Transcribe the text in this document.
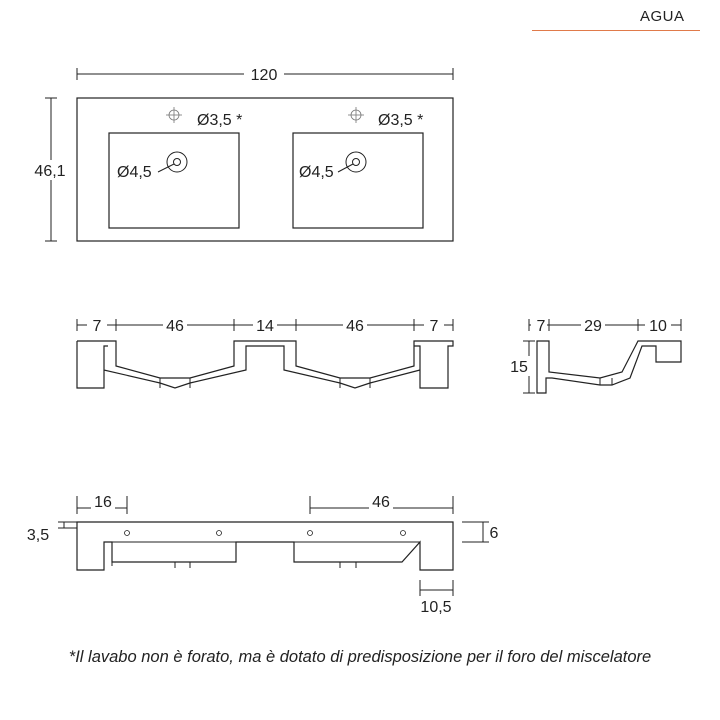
AGUA
120
46,1
Ø3,5 *	Ø3,5 *
Ø4,5	Ø4,5
7	46	14	46	7	7 29	10
15
16	46
3,5	6
10,5
*Il lavabo non è forato, ma è dotato di predisposizione per il foro del miscelatore
